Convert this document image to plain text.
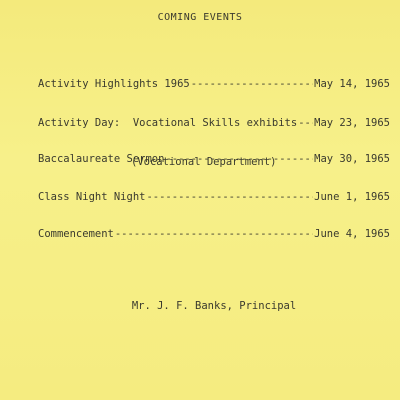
COMING EVENTS

Activity Highlights 1965 -----	May 14, 1965

Activity Day:  Vocational Skills exhibits ----- May 23, 1965

(Vocational Department)

Baccalaureate Sermon -----	May 30, 1965

Class Night Night -----	June 1, 1965

Commencement -----	June 4, 1965

Mr. J. F. Banks, Principal
